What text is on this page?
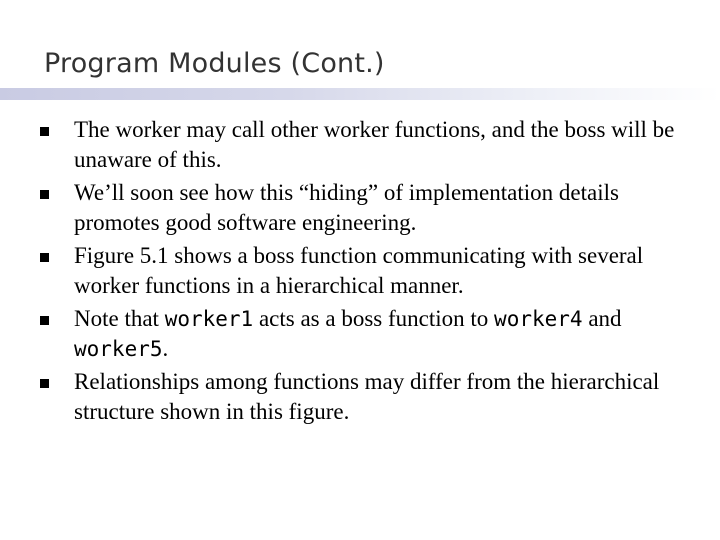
Program Modules (Cont.)
The worker may call other worker functions, and the boss will be unaware of this.
We’ll soon see how this “hiding” of implementation details promotes good software engineering.
Figure 5.1 shows a boss function communicating with several worker functions in a hierarchical manner.
Note that worker1 acts as a boss function to worker4 and worker5.
Relationships among functions may differ from the hierarchical structure shown in this figure.
